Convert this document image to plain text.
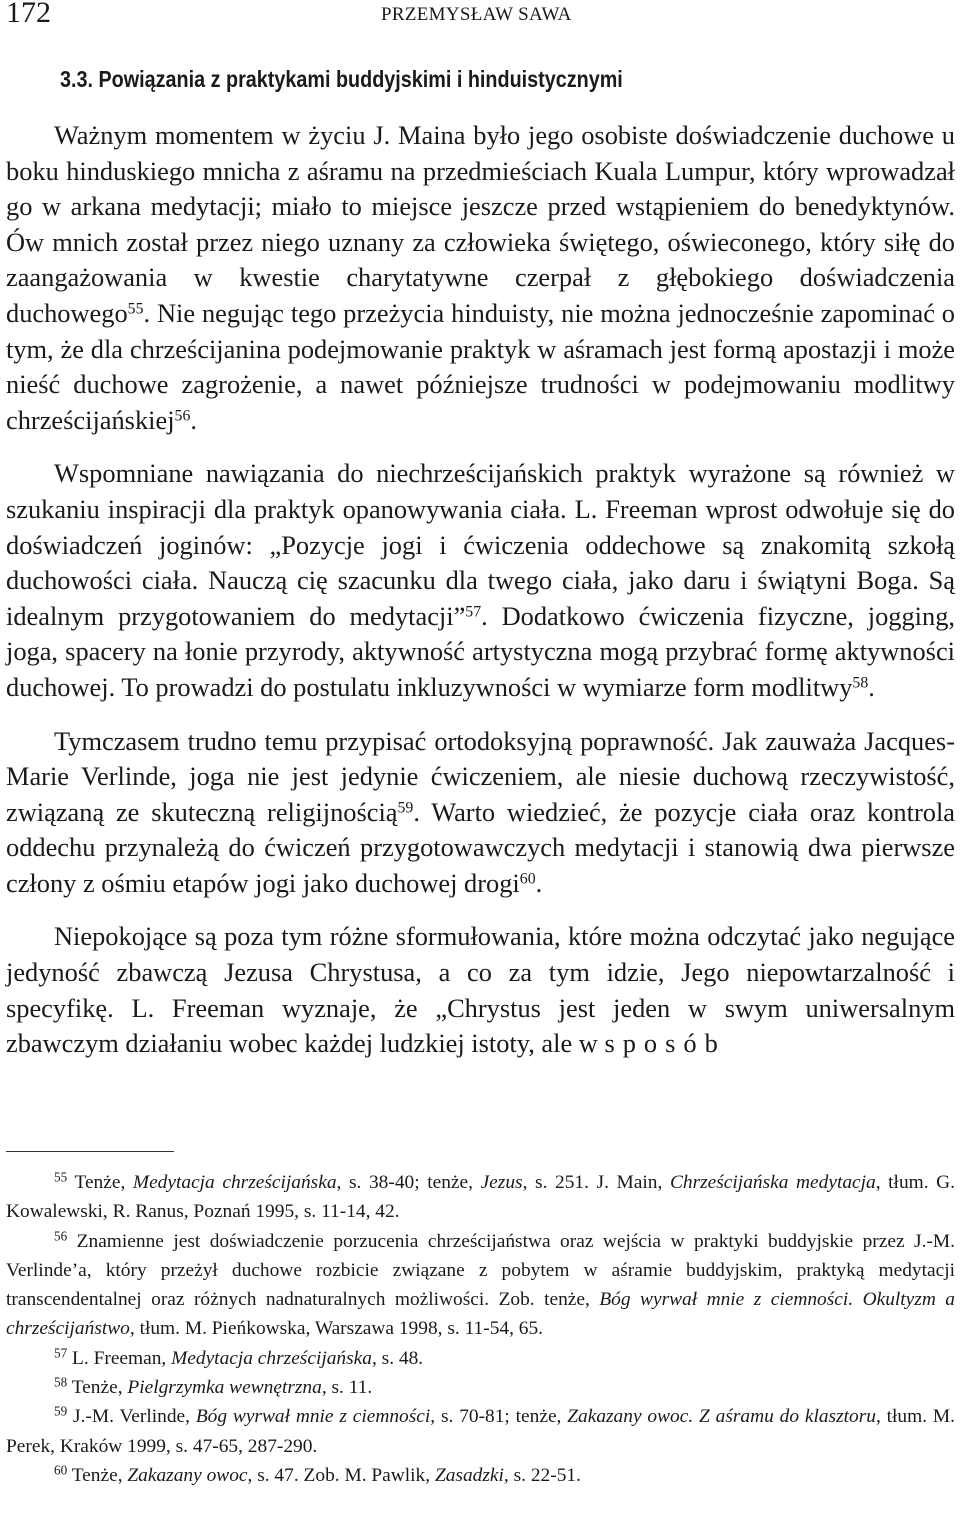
172	PRZEMYSŁAW SAWA
3.3. Powiązania z praktykami buddyjskimi i hinduistycznymi

Ważnym momentem w życiu J. Maina było jego osobiste doświadczenie duchowe u boku hinduskiego mnicha z aśramu na przedmieściach Kuala Lumpur, który wprowadzał go w arkana medytacji; miało to miejsce jeszcze przed wstąpieniem do benedyktynów. Ów mnich został przez niego uznany za człowieka świętego, oświeconego, który siłę do zaangażowania w kwestie charytatywne czerpał z głębokiego doświadczenia duchowego$^{55}$. Nie negując tego przeżycia hinduisty, nie można jednocześnie zapominać o tym, że dla chrześcijanina podejmowanie praktyk w aśramach jest formą apostazji i może nieść duchowe zagrożenie, a nawet późniejsze trudności w podejmowaniu modlitwy chrześcijańskiej$^{56}$.

Wspomniane nawiązania do niechrześcijańskich praktyk wyrażone są również w szukaniu inspiracji dla praktyk opanowywania ciała. L. Freeman wprost odwołuje się do doświadczeń joginów: „Pozycje jogi i ćwiczenia oddechowe są znakomitą szkołą duchowości ciała. Nauczą cię szacunku dla twego ciała, jako daru i świątyni Boga. Są idealnym przygotowaniem do medytacji”$^{57}$. Dodatkowo ćwiczenia fizyczne, jogging, joga, spacery na łonie przyrody, aktywność artystyczna mogą przybrać formę aktywności duchowej. To prowadzi do postulatu inkluzywności w wymiarze form modlitwy$^{58}$.

Tymczasem trudno temu przypisać ortodoksyjną poprawność. Jak zauważa Jacques-Marie Verlinde, joga nie jest jedynie ćwiczeniem, ale niesie duchową rzeczywistość, związaną ze skuteczną religijnością$^{59}$. Warto wiedzieć, że pozycje ciała oraz kontrola oddechu przynależą do ćwiczeń przygotowawczych medytacji i stanowią dwa pierwsze człony z ośmiu etapów jogi jako duchowej drogi$^{60}$.

Niepokojące są poza tym różne sformułowania, które można odczytać jako negujące jedyność zbawczą Jezusa Chrystusa, a co za tym idzie, Jego niepowtarzalność i specyfikę. L. Freeman wyznaje, że „Chrystus jest jeden w swym uniwersalnym zbawczym działaniu wobec każdej ludzkiej istoty, ale w sposób

$^{55}$ Tenże, Medytacja chrześcijańska, s. 38-40; tenże, Jezus, s. 251. J. Main, Chrześcijańska medytacja, tłum. G. Kowalewski, R. Ranus, Poznań 1995, s. 11-14, 42.

$^{56}$ Znamienne jest doświadczenie porzucenia chrześcijaństwa oraz wejścia w praktyki buddyjskie przez J.-M. Verlinde’a, który przeżył duchowe rozbicie związane z pobytem w aśramie buddyjskim, praktyką medytacji transcendentalnej oraz różnych nadnaturalnych możliwości. Zob. tenże, Bóg wyrwał mnie z ciemności. Okultyzm a chrześcijaństwo, tłum. M. Pieńkowska, Warszawa 1998, s. 11-54, 65.

$^{57}$ L. Freeman, Medytacja chrześcijańska, s. 48.

$^{58}$ Tenże, Pielgrzymka wewnętrzna, s. 11.

$^{59}$ J.-M. Verlinde, Bóg wyrwał mnie z ciemności, s. 70-81; tenże, Zakazany owoc. Z aśramu do klasztoru, tłum. M. Perek, Kraków 1999, s. 47-65, 287-290.

$^{60}$ Tenże, Zakazany owoc, s. 47. Zob. M. Pawlik, Zasadzki, s. 22-51.
